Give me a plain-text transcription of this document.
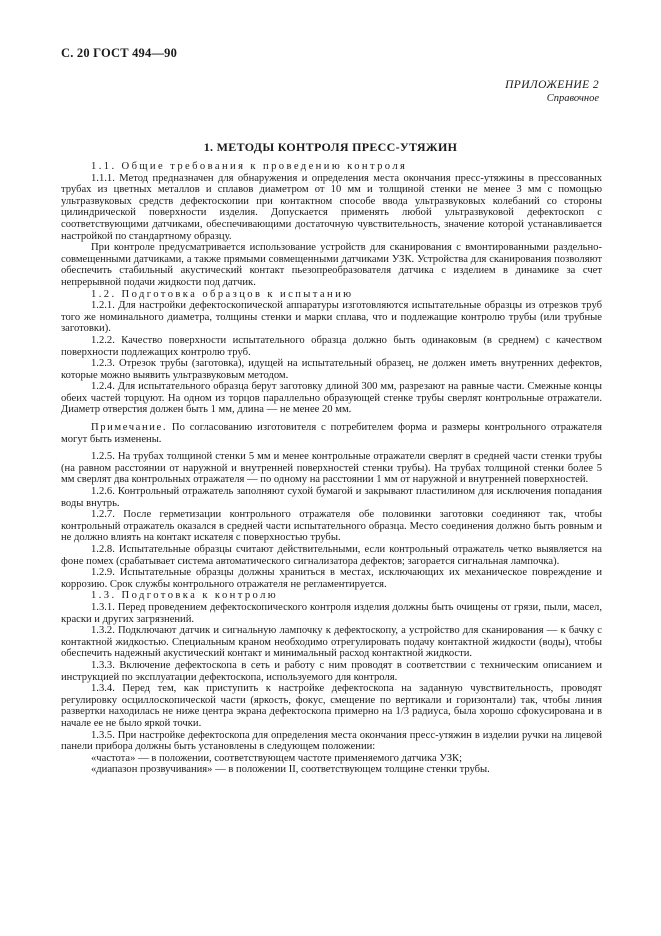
С. 20 ГОСТ 494—90
ПРИЛОЖЕНИЕ 2
Справочное
1. МЕТОДЫ КОНТРОЛЯ ПРЕСС-УТЯЖИН

1.1. Общие требования к проведению контроля

1.1.1. Метод предназначен для обнаружения и определения места окончания пресс-утяжины в прессованных трубах из цветных металлов и сплавов диаметром от 10 мм и толщиной стенки не менее 3 мм с помощью ультразвуковых средств дефектоскопии при контактном способе ввода ультразвуковых колебаний со стороны цилиндрической поверхности изделия. Допускается применять любой ультразвуковой дефектоскоп с соответствующими датчиками, обеспечивающими достаточную чувствительность, значение которой устанавливается настройкой по стандартному образцу.

При контроле предусматривается использование устройств для сканирования с вмонтированными раздельно-совмещенными датчиками, а также прямыми совмещенными датчиками УЗК. Устройства для сканирования позволяют обеспечить стабильный акустический контакт пьезопреобразователя датчика с изделием в динамике за счет непрерывной подачи жидкости под датчик.

1.2. Подготовка образцов к испытанию

1.2.1. Для настройки дефектоскопической аппаратуры изготовляются испытательные образцы из отрезков труб того же номинального диаметра, толщины стенки и марки сплава, что и подлежащие контролю трубы (или трубные заготовки).

1.2.2. Качество поверхности испытательного образца должно быть одинаковым (в среднем) с качеством поверхности подлежащих контролю труб.

1.2.3. Отрезок трубы (заготовка), идущей на испытательный образец, не должен иметь внутренних дефектов, которые можно выявить ультразвуковым методом.

1.2.4. Для испытательного образца берут заготовку длиной 300 мм, разрезают на равные части. Смежные концы обеих частей торцуют. На одном из торцов параллельно образующей стенке трубы сверлят контрольные отражатели. Диаметр отверстия должен быть 1 мм, длина — не менее 20 мм.

Примечание. По согласованию изготовителя с потребителем форма и размеры контрольного отражателя могут быть изменены.

1.2.5. На трубах толщиной стенки 5 мм и менее контрольные отражатели сверлят в средней части стенки трубы (на равном расстоянии от наружной и внутренней поверхностей стенки трубы). На трубах толщиной стенки более 5 мм сверлят два контрольных отражателя — по одному на расстоянии 1 мм от наружной и внутренней поверхностей.

1.2.6. Контрольный отражатель заполняют сухой бумагой и закрывают пластилином для исключения попадания воды внутрь.

1.2.7. После герметизации контрольного отражателя обе половинки заготовки соединяют так, чтобы контрольный отражатель оказался в средней части испытательного образца. Место соединения должно быть ровным и не должно влиять на контакт искателя с поверхностью трубы.

1.2.8. Испытательные образцы считают действительными, если контрольный отражатель четко выявляется на фоне помех (срабатывает система автоматического сигнализатора дефектов; загорается сигнальная лампочка).

1.2.9. Испытательные образцы должны храниться в местах, исключающих их механическое повреждение и коррозию. Срок службы контрольного отражателя не регламентируется.

1.3. Подготовка к контролю

1.3.1. Перед проведением дефектоскопического контроля изделия должны быть очищены от грязи, пыли, масел, краски и других загрязнений.

1.3.2. Подключают датчик и сигнальную лампочку к дефектоскопу, а устройство для сканирования — к бачку с контактной жидкостью. Специальным краном необходимо отрегулировать подачу контактной жидкости (воды), чтобы обеспечить надежный акустический контакт и минимальный расход контактной жидкости.

1.3.3. Включение дефектоскопа в сеть и работу с ним проводят в соответствии с техническим описанием и инструкцией по эксплуатации дефектоскопа, используемого для контроля.

1.3.4. Перед тем, как приступить к настройке дефектоскопа на заданную чувствительность, проводят регулировку осциллоскопической части (яркость, фокус, смещение по вертикали и горизонтали) так, чтобы линия развертки находилась не ниже центра экрана дефектоскопа примерно на 1/3 радиуса, была хорошо сфокусирована и в начале ее не было яркой точки.

1.3.5. При настройке дефектоскопа для определения места окончания пресс-утяжин в изделии ручки на лицевой панели прибора должны быть установлены в следующем положении:

«частота» — в положении, соответствующем частоте применяемого датчика УЗК;

«диапазон прозвучивания» — в положении II, соответствующем толщине стенки трубы.
